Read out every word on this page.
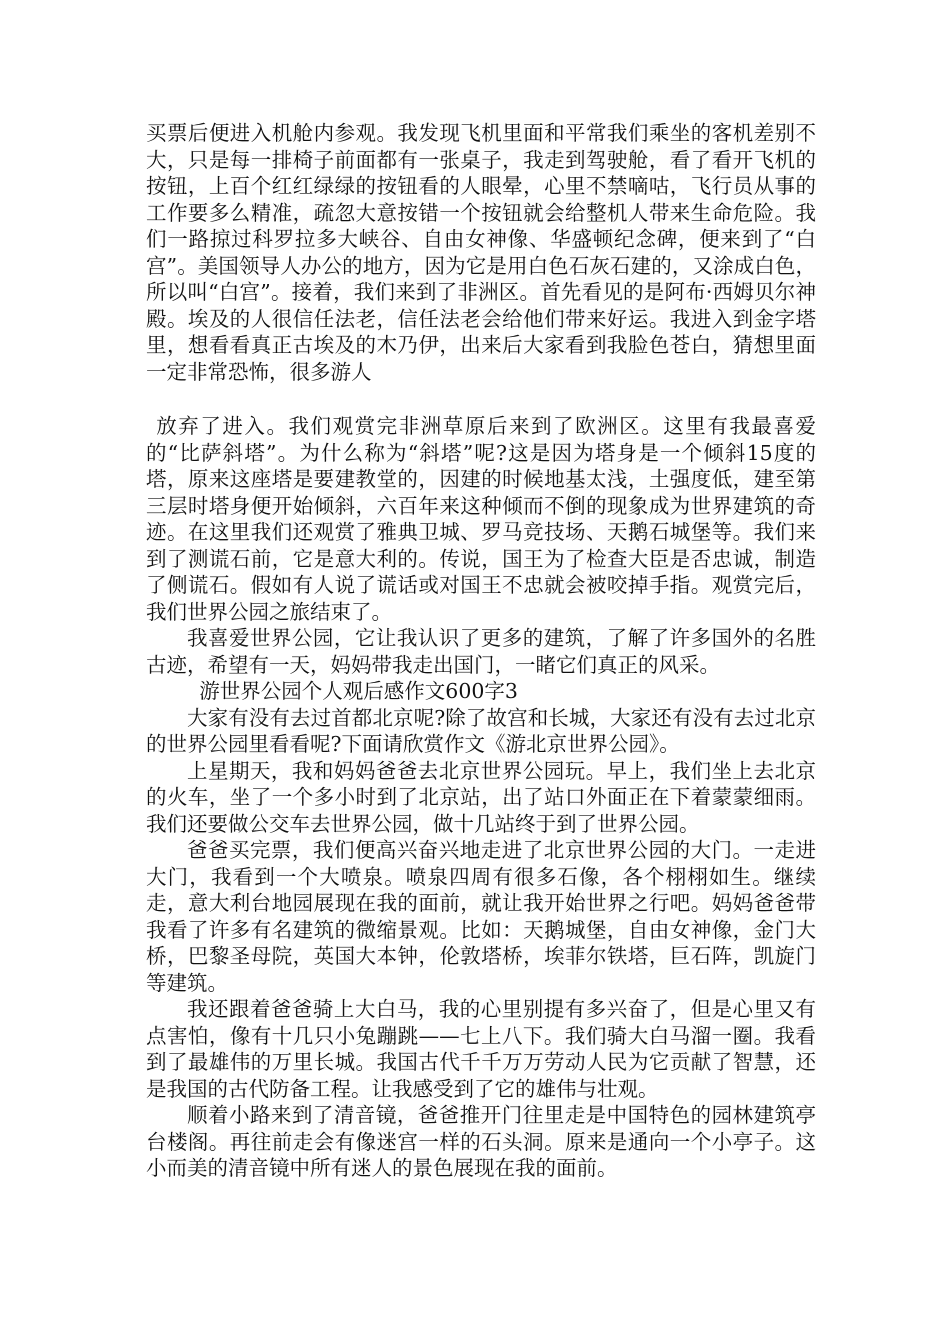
买票后便进入机舱内参观。我发现飞机里面和平常我们乘坐的客机差别不大，只是每一排椅子前面都有一张桌子，我走到驾驶舱，看了看开飞机的按钮，上百个红红绿绿的按钮看的人眼晕，心里不禁嘀咕，飞行员从事的工作要多么精准，疏忽大意按错一个按钮就会给整机人带来生命危险。我们一路掠过科罗拉多大峡谷、自由女神像、华盛顿纪念碑，便来到了“白宫”。美国领导人办公的地方，因为它是用白色石灰石建的，又涂成白色，所以叫“白宫”。接着，我们来到了非洲区。首先看见的是阿布·西姆贝尔神殿。埃及的人很信任法老，信任法老会给他们带来好运。我进入到金字塔里，想看看真正古埃及的木乃伊，出来后大家看到我脸色苍白，猜想里面一定非常恐怖，很多游人

放弃了进入。我们观赏完非洲草原后来到了欧洲区。这里有我最喜爱的“比萨斜塔”。为什么称为“斜塔”呢?这是因为塔身是一个倾斜15度的塔，原来这座塔是要建教堂的，因建的时候地基太浅，土强度低，建至第三层时塔身便开始倾斜，六百年来这种倾而不倒的现象成为世界建筑的奇迹。在这里我们还观赏了雅典卫城、罗马竞技场、天鹅石城堡等。我们来到了测谎石前，它是意大利的。传说，国王为了检查大臣是否忠诚，制造了侧谎石。假如有人说了谎话或对国王不忠就会被咬掉手指。观赏完后，我们世界公园之旅结束了。

我喜爱世界公园，它让我认识了更多的建筑，了解了许多国外的名胜古迹，希望有一天，妈妈带我走出国门，一睹它们真正的风采。

游世界公园个人观后感作文600字3

大家有没有去过首都北京呢?除了故宫和长城，大家还有没有去过北京的世界公园里看看呢?下面请欣赏作文《游北京世界公园》。

上星期天，我和妈妈爸爸去北京世界公园玩。早上，我们坐上去北京的火车，坐了一个多小时到了北京站，出了站口外面正在下着蒙蒙细雨。我们还要做公交车去世界公园，做十几站终于到了世界公园。

爸爸买完票，我们便高兴奋兴地走进了北京世界公园的大门。一走进大门，我看到一个大喷泉。喷泉四周有很多石像，各个栩栩如生。继续走，意大利台地园展现在我的面前，就让我开始世界之行吧。妈妈爸爸带我看了许多有名建筑的微缩景观。比如：天鹅城堡，自由女神像，金门大桥，巴黎圣母院，英国大本钟，伦敦塔桥，埃菲尔铁塔，巨石阵，凯旋门等建筑。

我还跟着爸爸骑上大白马，我的心里别提有多兴奋了，但是心里又有点害怕，像有十几只小兔蹦跳——七上八下。我们骑大白马溜一圈。我看到了最雄伟的万里长城。我国古代千千万万劳动人民为它贡献了智慧，还是我国的古代防备工程。让我感受到了它的雄伟与壮观。

顺着小路来到了清音镜，爸爸推开门往里走是中国特色的园林建筑亭台楼阁。再往前走会有像迷宫一样的石头洞。原来是通向一个小亭子。这小而美的清音镜中所有迷人的景色展现在我的面前。
